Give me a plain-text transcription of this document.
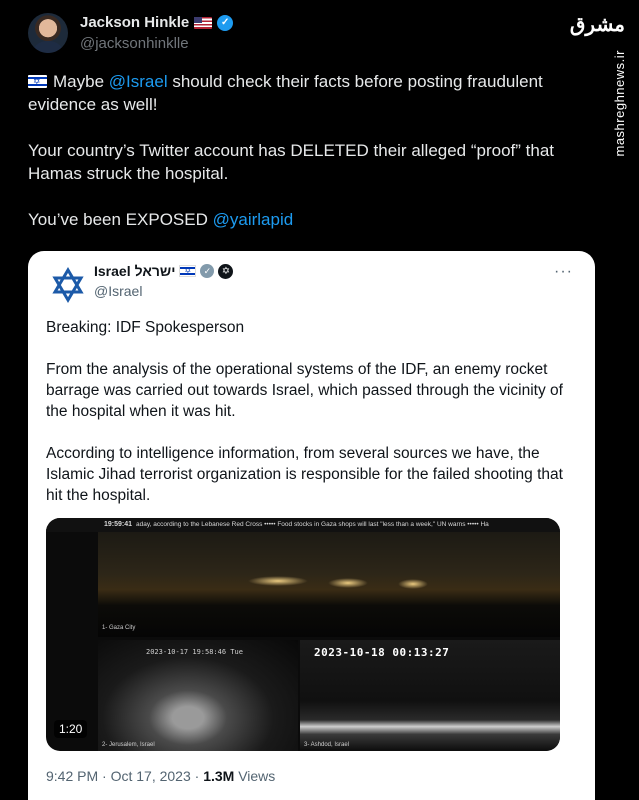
Jackson Hinkle	✓
@jacksonhinklle
مشرق
mashreghnews.ir

✡Maybe @Israel should check their facts before posting fraudulent evidence as well!

Your country’s Twitter account has DELETED their alleged “proof” that Hamas struck the hospital.

You’ve been EXPOSED @yairlapid

Israel ישראל
✡	✓	✡
@Israel
···

Breaking: IDF Spokesperson

From the analysis of the operational systems of the IDF, an enemy rocket barrage was carried out towards Israel, which passed through the vicinity of the hospital when it was hit.

According to intelligence information, from several sources we have, the Islamic Jihad terrorist organization is responsible for the failed shooting that hit the hospital.

19:59:41 aday, according to the Lebanese Red Cross ••••• Food stocks in Gaza shops will last "less than a week," UN warns ••••• Ha
1- Gaza City
2- Jerusalem, Israel	3- Ashdod, Israel
2023-10-17 19:58:46 Tue	2023-10-18 00:13:27
1:20
9:42 PM · Oct 17, 2023 · 1.3M Views
